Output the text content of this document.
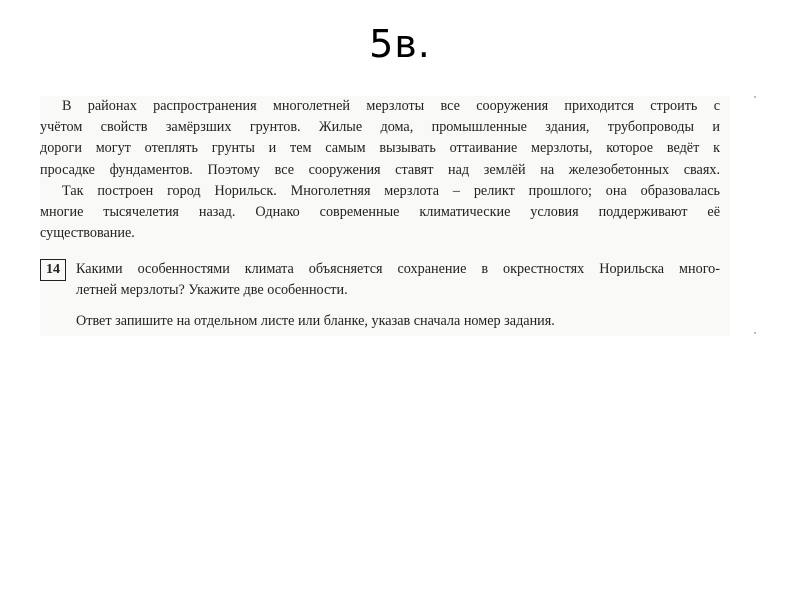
5в.
В районах распространения многолетней мерзлоты все сооружения приходится строить с
учётом свойств замёрзших грунтов. Жилые дома, промышленные здания, трубопроводы и
дороги могут отеплять грунты и тем самым вызывать оттаивание мерзлоты, которое ведёт к
просадке фундаментов. Поэтому все сооружения ставят над землёй на железобетонных сваях.
Так построен город Норильск. Многолетняя мерзлота – реликт прошлого; она образовалась
многие тысячелетия назад. Однако современные климатические условия поддерживают её
существование.
14	Какими особенностями климата объясняется сохранение в окрестностях Норильска много-
летней мерзлоты? Укажите две особенности.
Ответ запишите на отдельном листе или бланке, указав сначала номер задания.
